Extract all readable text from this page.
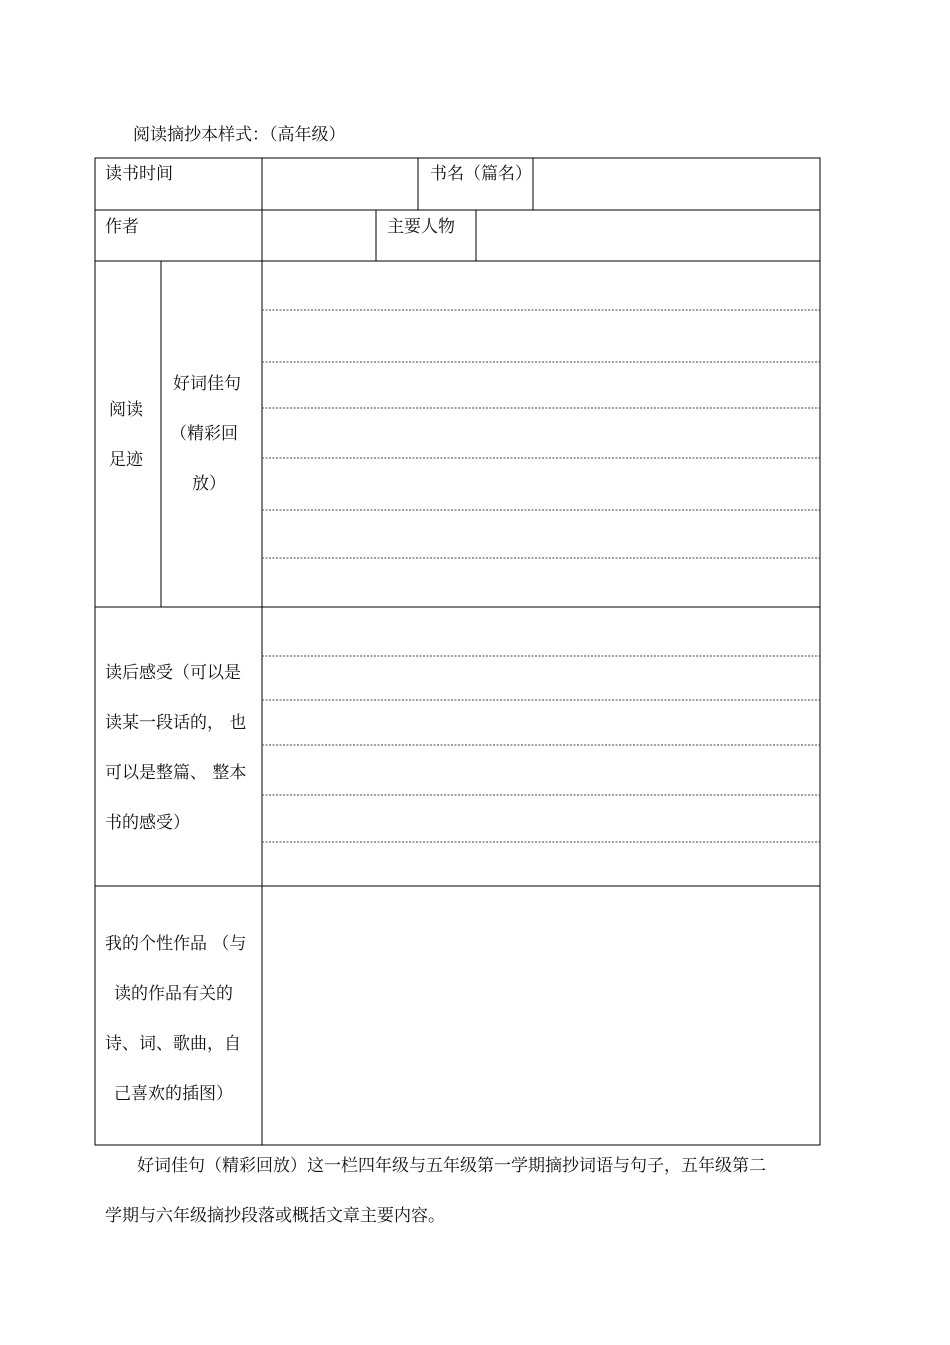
阅读摘抄本样式：（高年级）
读书时间	书名（篇名）
作者	主要人物
阅读
足迹
好词佳句
（精彩回
放）
读后感受（可以是
读某一段话的， 也
可以是整篇、 整本
书的感受）
我的个性作品 （与
读的作品有关的
诗、词、歌曲，自
己喜欢的插图）
好词佳句（精彩回放）这一栏四年级与五年级第一学期摘抄词语与句子，五年级第二
学期与六年级摘抄段落或概括文章主要内容。
